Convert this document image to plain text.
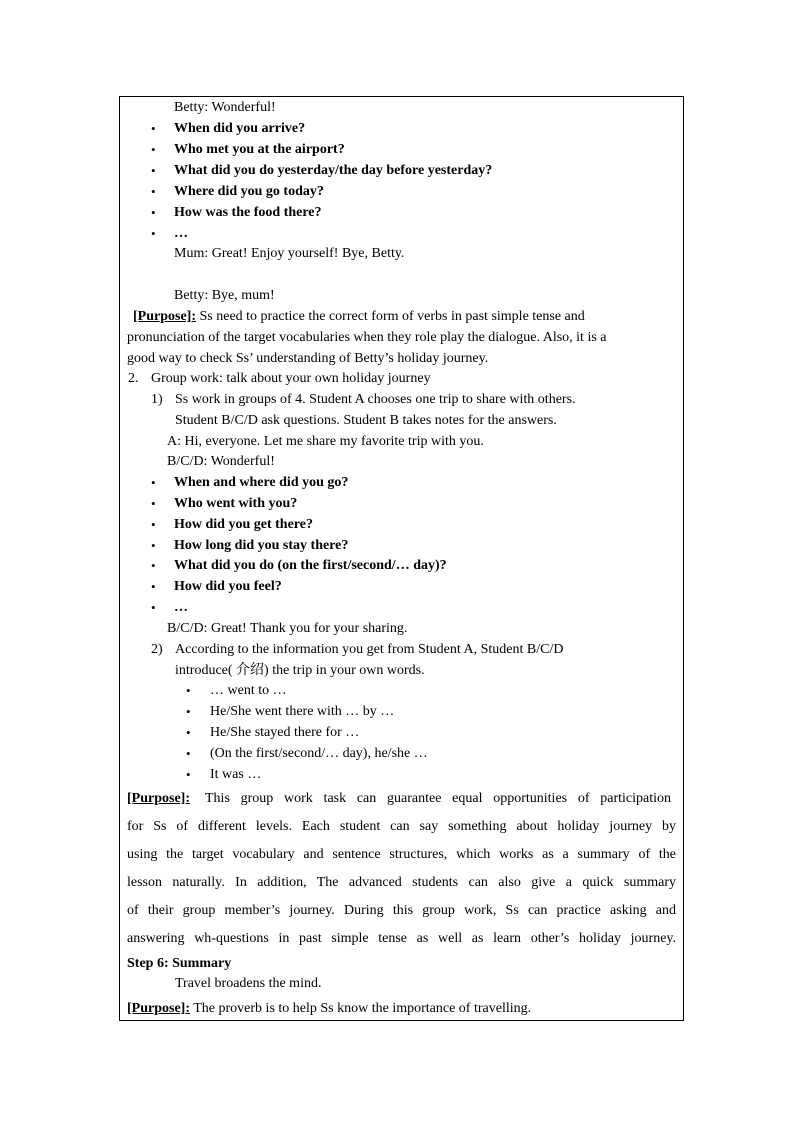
Betty: Wonderful!
• When did you arrive?
• Who met you at the airport?
• What did you do yesterday/the day before yesterday?
• Where did you go today?
• How was the food there?
• …
Mum: Great! Enjoy yourself! Bye, Betty.
Betty: Bye, mum!
[Purpose]: Ss need to practice the correct form of verbs in past simple tense and
pronunciation of the target vocabularies when they role play the dialogue. Also, it is a
good way to check Ss’ understanding of Betty’s holiday journey.
2. Group work: talk about your own holiday journey
1) Ss work in groups of 4. Student A chooses one trip to share with others.
Student B/C/D ask questions. Student B takes notes for the answers.
A: Hi, everyone. Let me share my favorite trip with you.
B/C/D: Wonderful!
• When and where did you go?
• Who went with you?
• How did you get there?
• How long did you stay there?
• What did you do (on the first/second/… day)?
• How did you feel?
• …
B/C/D: Great! Thank you for your sharing.
2) According to the information you get from Student A, Student B/C/D
introduce( 介绍) the trip in your own words.
• … went to …
• He/She went there with … by …
• He/She stayed there for …
• (On the first/second/… day), he/she …
• It was …
[Purpose]: This group work task can guarantee equal opportunities of participation
for Ss of different levels. Each student can say something about holiday journey by
using the target vocabulary and sentence structures, which works as a summary of the
lesson naturally. In addition, The advanced students can also give a quick summary
of their group member’s journey. During this group work, Ss can practice asking and
answering wh-questions in past simple tense as well as learn other’s holiday journey.
Step 6: Summary
Travel broadens the mind.
[Purpose]: The proverb is to help Ss know the importance of travelling.
